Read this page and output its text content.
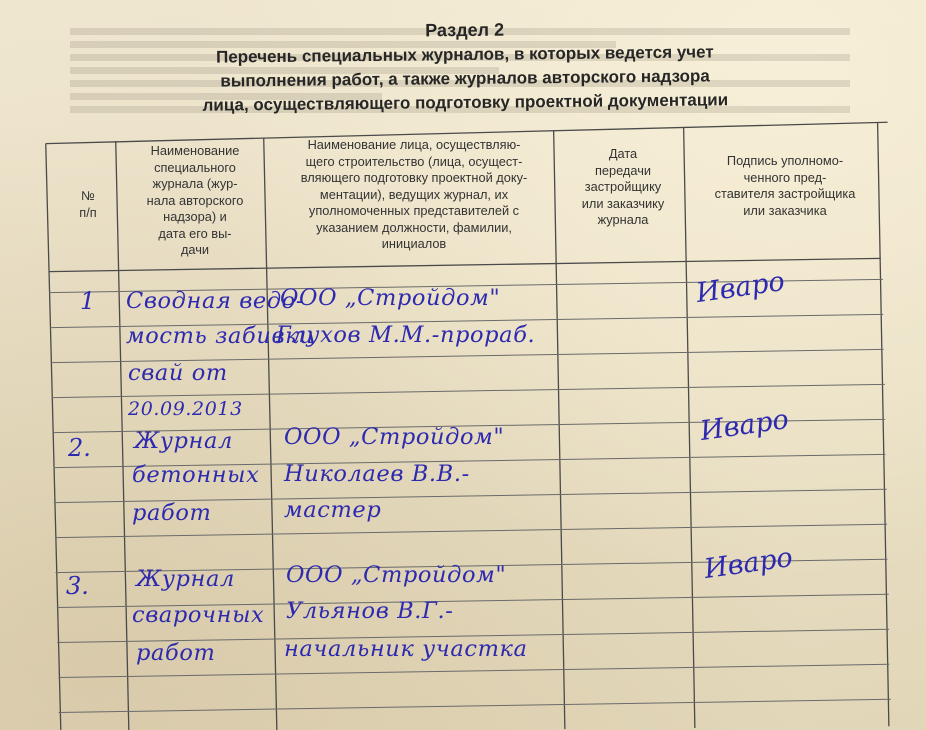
Раздел 2
Перечень специальных журналов, в которых ведется учет
выполнения работ, а также журналов авторского надзора
лица, осуществляющего подготовку проектной документации
№
п/п
Наименование
специального
журнала (жур-
нала авторского
надзора) и
дата его вы-
дачи
Наименование лица, осуществляю-
щего строительство (лица, осущест-
вляющего подготовку проектной доку-
ментации), ведущих журнал, их
уполномоченных представителей с
указанием должности, фамилии,
инициалов
Дата
передачи
застройщику
или заказчику
журнала
Подпись уполномо-
ченного пред-
ставителя застройщика
или заказчика
1 Сводная ведо-
мость забивки
свай от
20.09.2013
ООО „Стройдом"
Глухов М.М.-прораб.
Иваро
2. Журнал
бетонных
работ
ООО „Стройдом"
Николаев В.В.-
мастер
Иваро
3. Журнал
сварочных
работ
ООО „Стройдом"
Ульянов В.Г.-
начальник участка
Иваро
